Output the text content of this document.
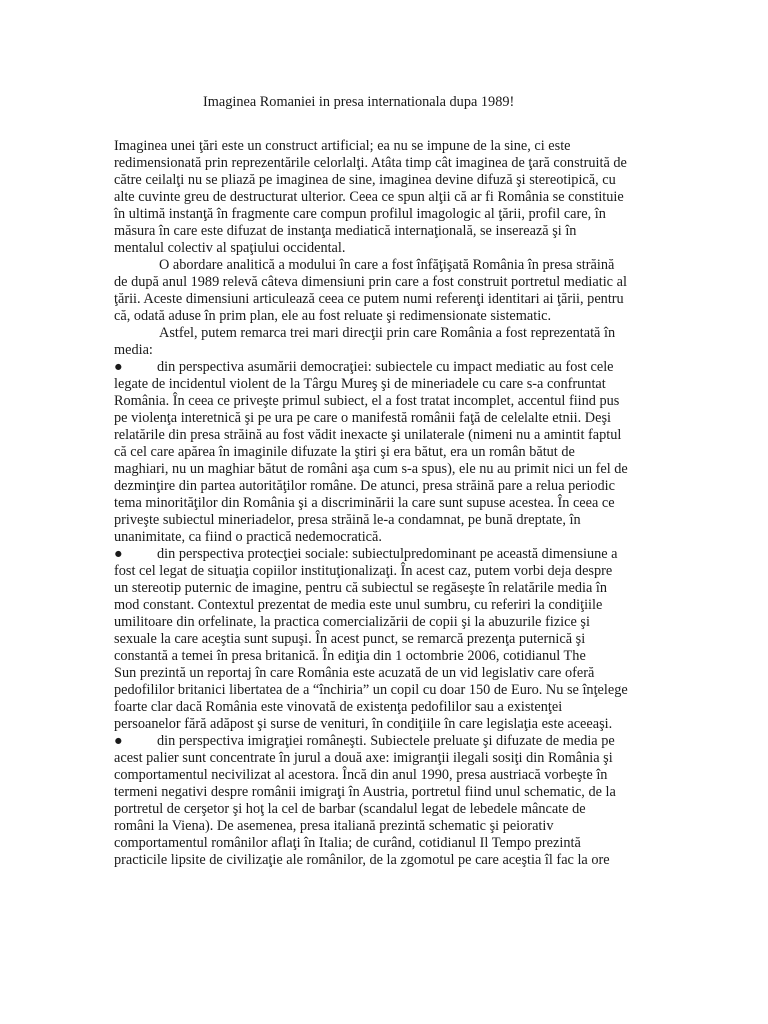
Imaginea Romaniei in presa internationala dupa 1989!
Imaginea unei ţări este un construct artificial; ea nu se impune de la sine, ci este
redimensionată prin reprezentările celorlalţi. Atâta timp cât imaginea de ţară construită de
către ceilalţi nu se pliază pe imaginea de sine, imaginea devine difuză şi stereotipică, cu
alte cuvinte greu de destructurat ulterior. Ceea ce spun alţii că ar fi România se constituie
în ultimă instanţă în fragmente care compun profilul imagologic al ţării, profil care, în
măsura în care este difuzat de instanţa mediatică internaţională, se inserează şi în
mentalul colectiv al spaţiului occidental.
O abordare analitică a modului în care a fost înfăţişată România în presa străină
de după anul 1989 relevă câteva dimensiuni prin care a fost construit portretul mediatic al
ţării. Aceste dimensiuni articulează ceea ce putem numi referenţi identitari ai ţării, pentru
că, odată aduse în prim plan, ele au fost reluate şi redimensionate sistematic.
Astfel, putem remarca trei mari direcţii prin care România a fost reprezentată în
media:
●	din perspectiva asumării democraţiei: subiectele cu impact mediatic au fost cele
legate de incidentul violent de la Târgu Mureş şi de mineriadele cu care s-a confruntat
România. În ceea ce priveşte primul subiect, el a fost tratat incomplet, accentul fiind pus
pe violenţa interetnică şi pe ura pe care o manifestă românii faţă de celelalte etnii. Deşi
relatările din presa străină au fost vădit inexacte şi unilaterale (nimeni nu a amintit faptul
că cel care apărea în imaginile difuzate la ştiri şi era bătut, era un român bătut de
maghiari, nu un maghiar bătut de români aşa cum s-a spus), ele nu au primit nici un fel de
dezminţire din partea autorităţilor române. De atunci, presa străină pare a relua periodic
tema minorităţilor din România şi a discriminării la care sunt supuse acestea. În ceea ce
priveşte subiectul mineriadelor, presa străină le-a condamnat, pe bună dreptate, în
unanimitate, ca fiind o practică nedemocratică.
●	din perspectiva protecţiei sociale: subiectulpredominant pe această dimensiune a
fost cel legat de situaţia copiilor instituţionalizaţi. În acest caz, putem vorbi deja despre
un stereotip puternic de imagine, pentru că subiectul se regăseşte în relatările media în
mod constant. Contextul prezentat de media este unul sumbru, cu referiri la condiţiile
umilitoare din orfelinate, la practica comercializării de copii şi la abuzurile fizice şi
sexuale la care aceştia sunt supuşi. În acest punct, se remarcă prezenţa puternică şi
constantă a temei în presa britanică. În ediţia din 1 octombrie 2006, cotidianul The
Sun prezintă un reportaj în care România este acuzată de un vid legislativ care oferă
pedofililor britanici libertatea de a “închiria” un copil cu doar 150 de Euro. Nu se înţelege
foarte clar dacă România este vinovată de existenţa pedofililor sau a existenţei
persoanelor fără adăpost şi surse de venituri, în condiţiile în care legislaţia este aceeaşi.
●	din perspectiva imigraţiei româneşti. Subiectele preluate şi difuzate de media pe
acest palier sunt concentrate în jurul a două axe: imigranţii ilegali sosiţi din România şi
comportamentul necivilizat al acestora. Încă din anul 1990, presa austriacă vorbeşte în
termeni negativi despre românii imigraţi în Austria, portretul fiind unul schematic, de la
portretul de cerşetor şi hoţ la cel de barbar (scandalul legat de lebedele mâncate de
români la Viena). De asemenea, presa italiană prezintă schematic şi peiorativ
comportamentul românilor aflaţi în Italia; de curând, cotidianul Il Tempo prezintă
practicile lipsite de civilizaţie ale românilor, de la zgomotul pe care aceştia îl fac la ore
